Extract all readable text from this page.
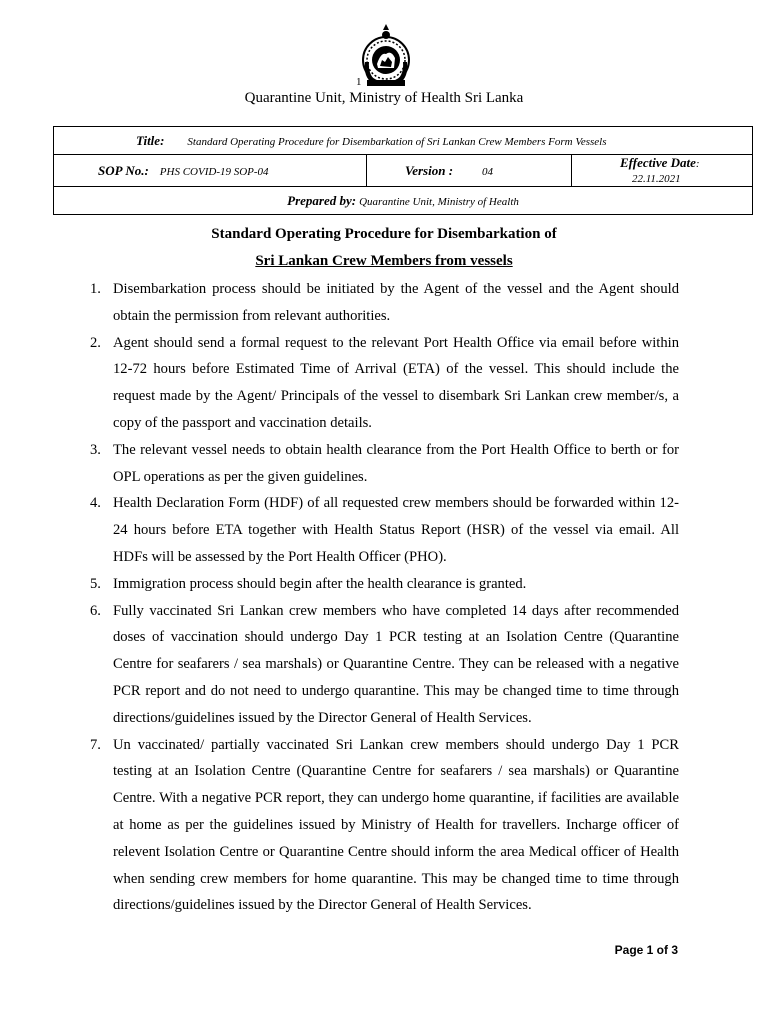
1
Quarantine Unit, Ministry of Health Sri Lanka
Title: Standard Operating Procedure for Disembarkation of Sri Lankan Crew Members Form Vessels
SOP No.: PHS COVID-19 SOP-04	Version :	04	Effective Date: 22.11.2021
Prepared by: Quarantine Unit, Ministry of Health
Standard Operating Procedure for Disembarkation of
Sri Lankan Crew Members from vessels
1. Disembarkation process should be initiated by the Agent of the vessel and the Agent should obtain the permission from relevant authorities.
2. Agent should send a formal request to the relevant Port Health Office via email before within 12-72 hours before Estimated Time of Arrival (ETA) of the vessel. This should include the request made by the Agent/ Principals of the vessel to disembark Sri Lankan crew member/s, a copy of the passport and vaccination details.
3. The relevant vessel needs to obtain health clearance from the Port Health Office to berth or for OPL operations as per the given guidelines.
4. Health Declaration Form (HDF) of all requested crew members should be forwarded within 12-24 hours before ETA together with Health Status Report (HSR) of the vessel via email. All HDFs will be assessed by the Port Health Officer (PHO).
5. Immigration process should begin after the health clearance is granted.
6. Fully vaccinated Sri Lankan crew members who have completed 14 days after recommended doses of vaccination should undergo Day 1 PCR testing at an Isolation Centre (Quarantine Centre for seafarers / sea marshals) or Quarantine Centre. They can be released with a negative PCR report and do not need to undergo quarantine. This may be changed time to time through directions/guidelines issued by the Director General of Health Services.
7. Un vaccinated/ partially vaccinated Sri Lankan crew members should undergo Day 1 PCR testing at an Isolation Centre (Quarantine Centre for seafarers / sea marshals) or Quarantine Centre. With a negative PCR report, they can undergo home quarantine, if facilities are available at home as per the guidelines issued by Ministry of Health for travellers. Incharge officer of relevent Isolation Centre or Quarantine Centre should inform the area Medical officer of Health when sending crew members for home quarantine. This may be changed time to time through directions/guidelines issued by the Director General of Health Services.
Page 1 of 3
